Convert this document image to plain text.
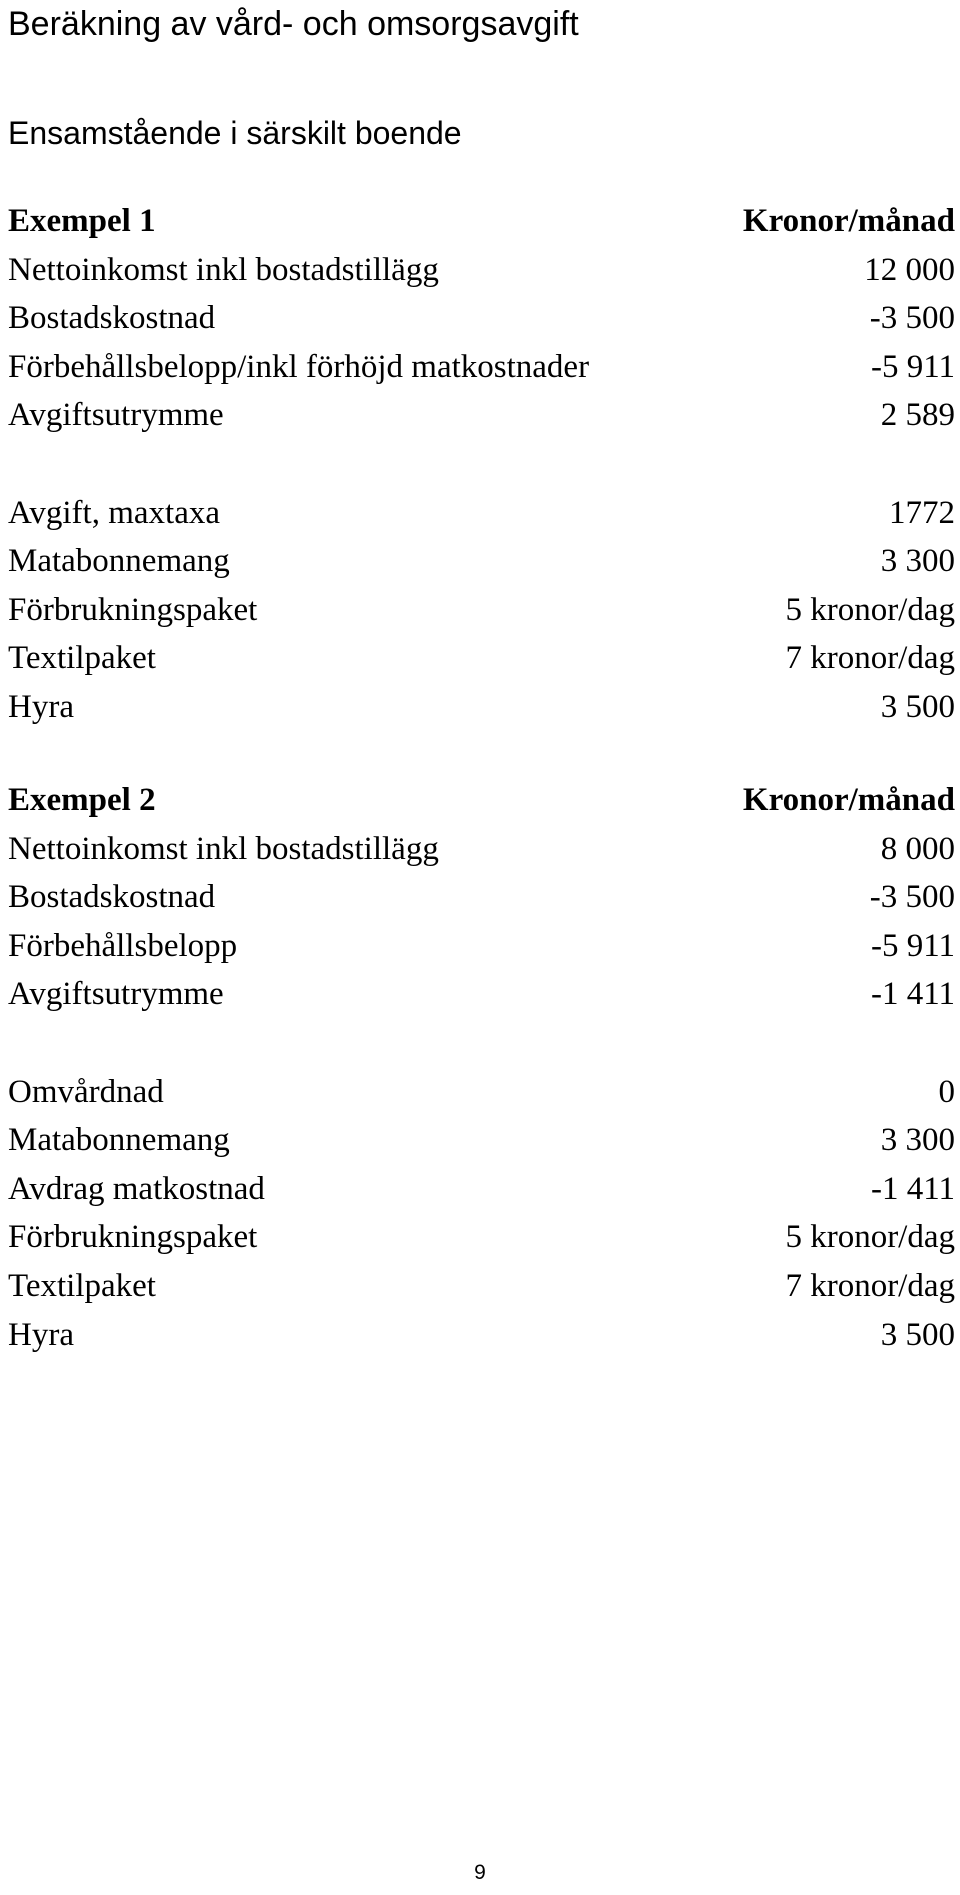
Beräkning av vård- och omsorgsavgift
Ensamstående i särskilt boende
Exempel 1	Kronor/månad
Nettoinkomst inkl bostadstillägg	12 000
Bostadskostnad	-3 500
Förbehållsbelopp/inkl förhöjd matkostnader	-5 911
Avgiftsutrymme	2 589
Avgift, maxtaxa	1772
Matabonnemang	3 300
Förbrukningspaket	5 kronor/dag
Textilpaket	7 kronor/dag
Hyra	3 500
Exempel 2	Kronor/månad
Nettoinkomst inkl bostadstillägg	8 000
Bostadskostnad	-3 500
Förbehållsbelopp	-5 911
Avgiftsutrymme	-1 411
Omvårdnad	0
Matabonnemang	3 300
Avdrag matkostnad	-1 411
Förbrukningspaket	5 kronor/dag
Textilpaket	7 kronor/dag
Hyra	3 500
9
